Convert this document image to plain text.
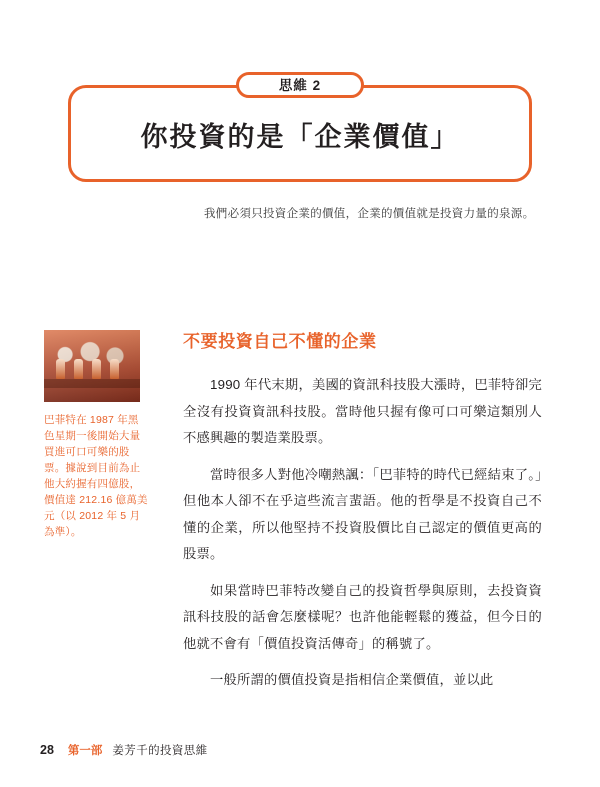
思維 2
你投資的是「企業價值」
我們必須只投資企業的價值，企業的價值就是投資力量的泉源。
巴菲特在 1987 年黑色星期一後開始大量買進可口可樂的股票。據說到目前為止他大約握有四億股，價值達 212.16 億萬美元（以 2012 年 5 月為準）。
不要投資自己不懂的企業

1990 年代末期，美國的資訊科技股大漲時，巴菲特卻完全沒有投資資訊科技股。當時他只握有像可口可樂這類別人不感興趣的製造業股票。

當時很多人對他冷嘲熱諷：「巴菲特的時代已經結束了。」但他本人卻不在乎這些流言蜚語。他的哲學是不投資自己不懂的企業，所以他堅持不投資股價比自己認定的價值更高的股票。

如果當時巴菲特改變自己的投資哲學與原則，去投資資訊科技股的話會怎麼樣呢？也許他能輕鬆的獲益，但今日的他就不會有「價值投資活傳奇」的稱號了。

一般所謂的價值投資是指相信企業價值，並以此

28 第一部 姜芳千的投資思維
